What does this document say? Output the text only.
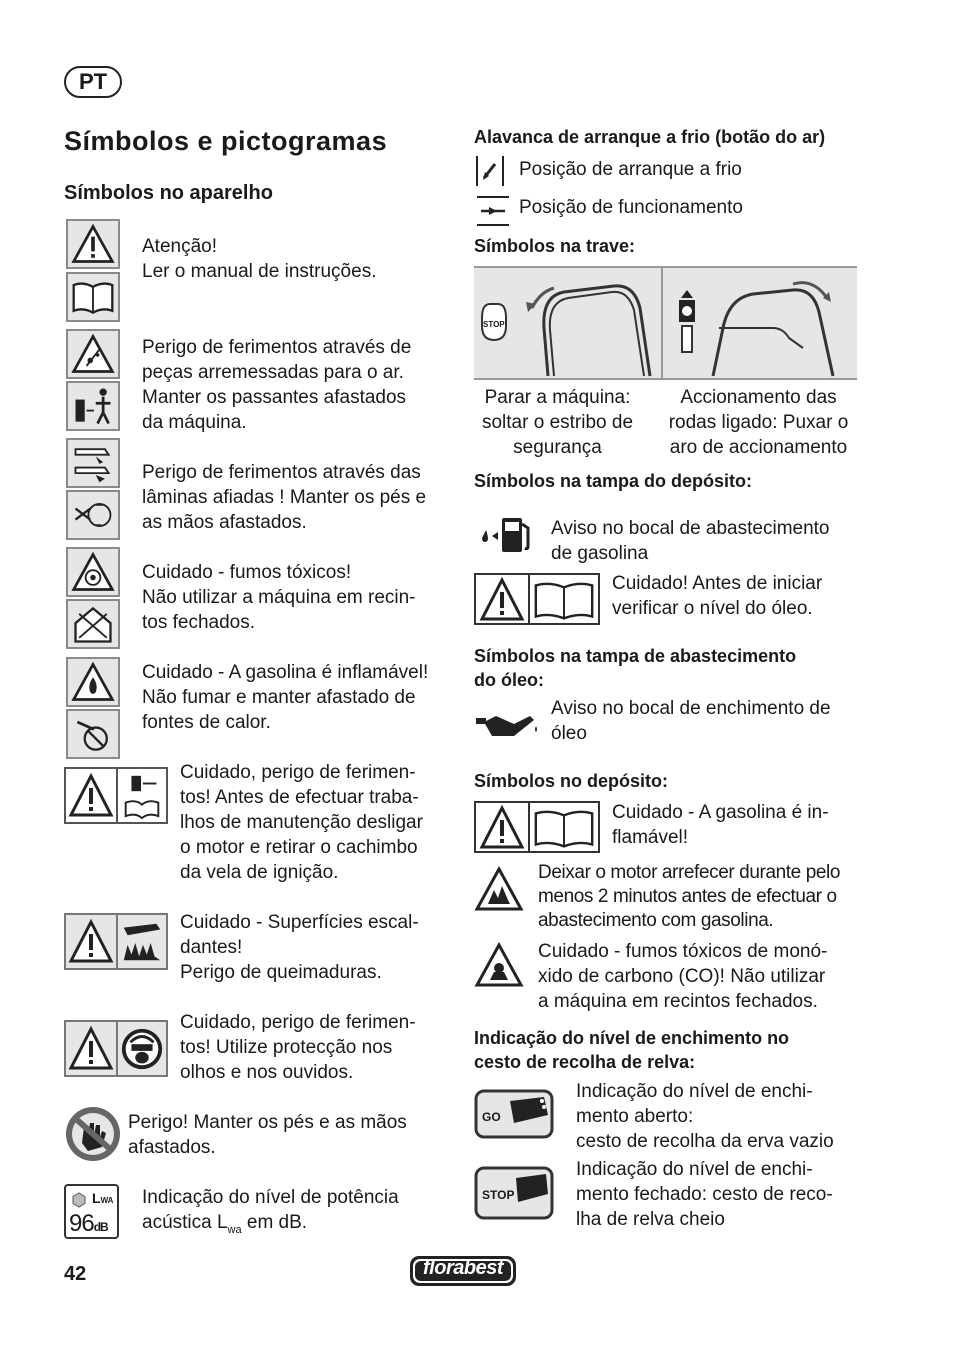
PT
Símbolos e pictogramas
Símbolos no aparelho
Atenção!
Ler o manual de instruções.
Perigo de ferimentos através de
peças arremessadas para o ar.
Manter os passantes afastados
da máquina.
Perigo de ferimentos através das
lâminas afiadas ! Manter os pés e
as mãos afastados.
Cuidado - fumos tóxicos!
Não utilizar a máquina em recin-
tos fechados.
Cuidado - A gasolina é inflamável!
Não fumar e manter afastado de
fontes de calor.
Cuidado, perigo de ferimen-
tos! Antes de efectuar traba-
lhos de manutenção desligar
o motor e retirar o cachimbo
da vela de ignição.
Cuidado - Superfícies escal-
dantes!
Perigo de queimaduras.
Cuidado, perigo de ferimen-
tos! Utilize protecção nos
olhos e nos ouvidos.
Perigo! Manter os pés e as mãos
afastados.
LWA
96dB
Indicação do nível de potência
acústica $L_{wa}$ em dB.
Alavanca de arranque a frio (botão do ar)
Posição de arranque a frio
Posição de funcionamento
Símbolos na trave:
STOP
Parar a máquina:
soltar o estribo de
segurança
Accionamento das
rodas ligado: Puxar o
aro de accionamento
Símbolos na tampa do depósito:
Aviso no bocal de abastecimento
de gasolina
Cuidado! Antes de iniciar
verificar o nível do óleo.
Símbolos na tampa de abastecimento
do óleo:
Aviso no bocal de enchimento de
óleo
Símbolos no depósito:
Cuidado - A gasolina é in-
flamável!
Deixar o motor arrefecer durante pelo
menos 2 minutos antes de efectuar o
abastecimento com gasolina.
Cuidado - fumos tóxicos de monó-
xido de carbono (CO)! Não utilizar
a máquina em recintos fechados.
Indicação do nível de enchimento no
cesto de recolha de relva:
GO
Indicação do nível de enchi-
mento aberto:
cesto de recolha da erva vazio
STOP
Indicação do nível de enchi-
mento fechado: cesto de reco-
lha de relva cheio
42	florabest
